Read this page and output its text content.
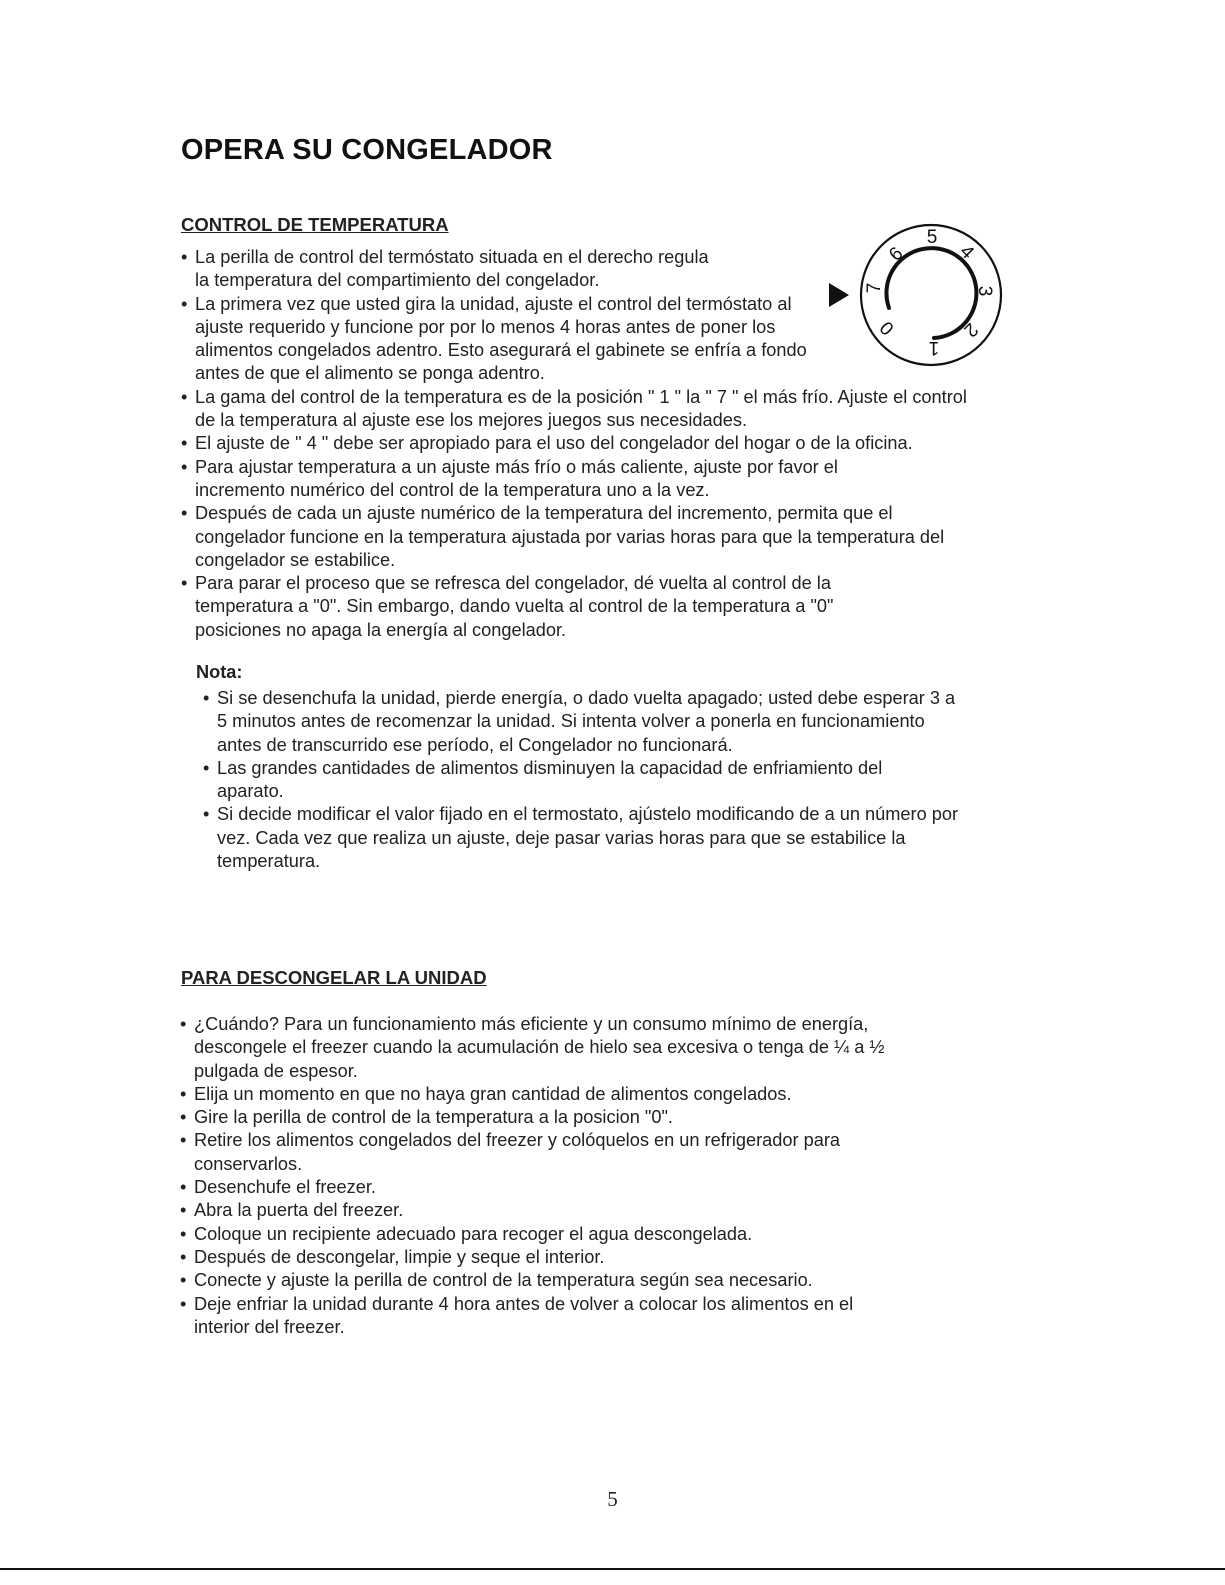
OPERA SU CONGELADOR
CONTROL DE TEMPERATURA
• La perilla de control del termóstato situada en el derecho regula la temperatura del compartimiento del congelador.
• La primera vez que usted gira la unidad, ajuste el control del termóstato al ajuste requerido y funcione por por lo menos 4 horas antes de poner los alimentos congelados adentro. Esto asegurará el gabinete se enfría a fondo antes de que el alimento se ponga adentro.
• La gama del control de la temperatura es de la posición " 1 " la " 7 " el más frío. Ajuste el control de la temperatura al ajuste ese los mejores juegos sus necesidades.
• El ajuste de " 4 " debe ser apropiado para el uso del congelador del hogar o de la oficina.
• Para ajustar temperatura a un ajuste más frío o más caliente, ajuste por favor el incremento numérico del control de la temperatura uno a la vez.
• Después de cada un ajuste numérico de la temperatura del incremento, permita que el congelador funcione en la temperatura ajustada por varias horas para que la temperatura del congelador se estabilice.
• Para parar el proceso que se refresca del congelador, dé vuelta al control de la temperatura a "0". Sin embargo, dando vuelta al control de la temperatura a "0" posiciones no apaga la energía al congelador.
5
4
3
2
1
0
7
6
Nota:
• Si se desenchufa la unidad, pierde energía, o dado vuelta apagado; usted debe esperar 3 a 5 minutos antes de recomenzar la unidad. Si intenta volver a ponerla en funcionamiento antes de transcurrido ese período, el Congelador no funcionará.
• Las grandes cantidades de alimentos disminuyen la capacidad de enfriamiento del aparato.
• Si decide modificar el valor fijado en el termostato, ajústelo modificando de a un número por vez. Cada vez que realiza un ajuste, deje pasar varias horas para que se estabilice la temperatura.
PARA DESCONGELAR LA UNIDAD
• ¿Cuándo? Para un funcionamiento más eficiente y un consumo mínimo de energía, descongele el freezer cuando la acumulación de hielo sea excesiva o tenga de ¼ a ½ pulgada de espesor.
• Elija un momento en que no haya gran cantidad de alimentos congelados.
• Gire la perilla de control de la temperatura a la posicion "0".
• Retire los alimentos congelados del freezer y colóquelos en un refrigerador para conservarlos.
• Desenchufe el freezer.
• Abra la puerta del freezer.
• Coloque un recipiente adecuado para recoger el agua descongelada.
• Después de descongelar, limpie y seque el interior.
• Conecte y ajuste la perilla de control de la temperatura según sea necesario.
• Deje enfriar la unidad durante 4 hora antes de volver a colocar los alimentos en el interior del freezer.
5
